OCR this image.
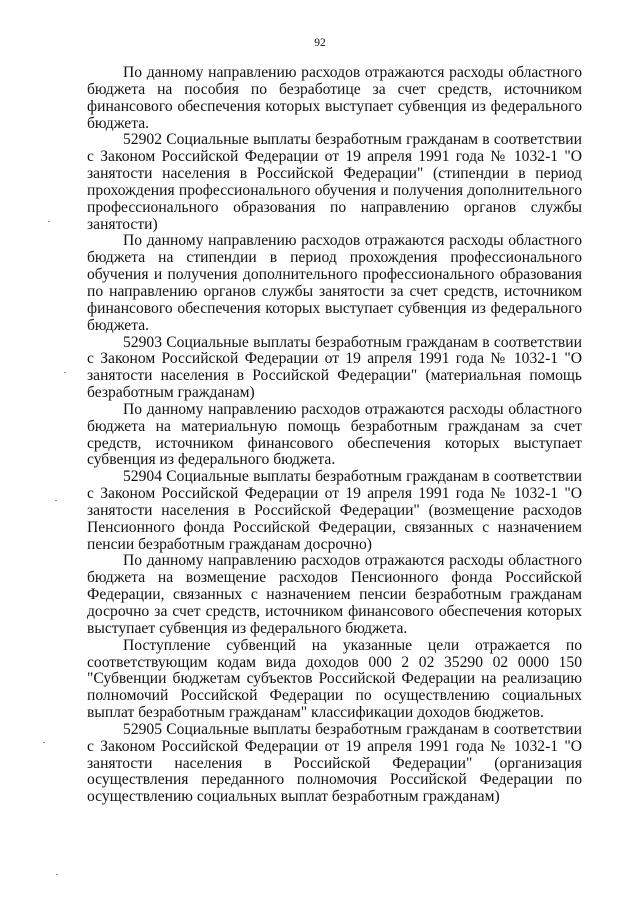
92

По данному направлению расходов отражаются расходы областного бюджета на пособия по безработице за счет средств, источником финансового обеспечения которых выступает субвенция из федерального бюджета.

52902 Социальные выплаты безработным гражданам в соответствии с Законом Российской Федерации от 19 апреля 1991 года № 1032-1 "О занятости населения в Российской Федерации" (стипендии в период прохождения профессионального обучения и получения дополнительного профессионального образования по направлению органов службы занятости)

По данному направлению расходов отражаются расходы областного бюджета на стипендии в период прохождения профессионального обучения и получения дополнительного профессионального образования по направлению органов службы занятости за счет средств, источником финансового обеспечения которых выступает субвенция из федерального бюджета.

52903 Социальные выплаты безработным гражданам в соответствии с Законом Российской Федерации от 19 апреля 1991 года № 1032-1 "О занятости населения в Российской Федерации" (материальная помощь безработным гражданам)

По данному направлению расходов отражаются расходы областного бюджета на материальную помощь безработным гражданам за счет средств, источником финансового обеспечения которых выступает субвенция из федерального бюджета.

52904 Социальные выплаты безработным гражданам в соответствии с Законом Российской Федерации от 19 апреля 1991 года № 1032-1 "О занятости населения в Российской Федерации" (возмещение расходов Пенсионного фонда Российской Федерации, связанных с назначением пенсии безработным гражданам досрочно)

По данному направлению расходов отражаются расходы областного бюджета на возмещение расходов Пенсионного фонда Российской Федерации, связанных с назначением пенсии безработным гражданам досрочно за счет средств, источником финансового обеспечения которых выступает субвенция из федерального бюджета.

Поступление субвенций на указанные цели отражается по соответствующим кодам вида доходов 000 2 02 35290 02 0000 150 "Субвенции бюджетам субъектов Российской Федерации на реализацию полномочий Российской Федерации по осуществлению социальных выплат безработным гражданам" классификации доходов бюджетов.

52905 Социальные выплаты безработным гражданам в соответствии с Законом Российской Федерации от 19 апреля 1991 года № 1032-1 "О занятости населения в Российской Федерации" (организация осуществления переданного полномочия Российской Федерации по осуществлению социальных выплат безработным гражданам)
